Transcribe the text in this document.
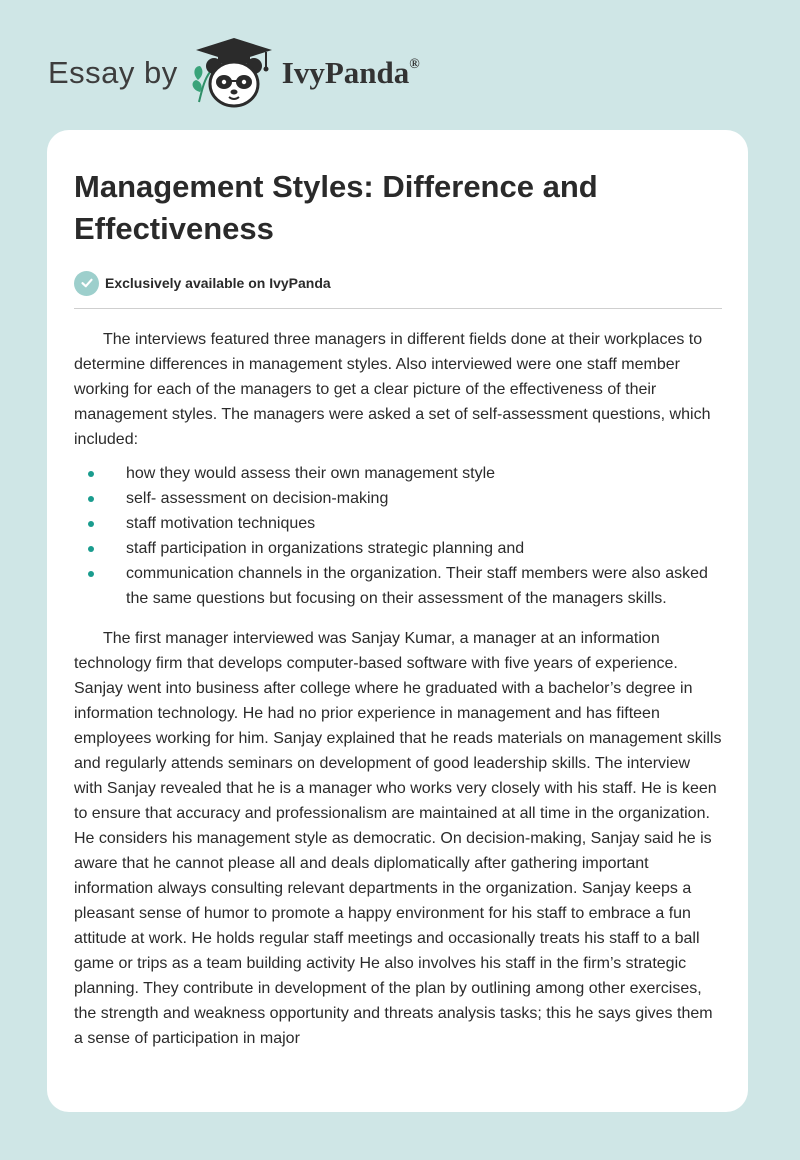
Essay by	IvyPanda®
Management Styles: Difference and Effectiveness
Exclusively available on IvyPanda

The interviews featured three managers in different fields done at their workplaces to determine differences in management styles. Also interviewed were one staff member working for each of the managers to get a clear picture of the effectiveness of their management styles. The managers were asked a set of self-assessment questions, which included:

how they would assess their own management style
self- assessment on decision-making
staff motivation techniques
staff participation in organizations strategic planning and
communication channels in the organization. Their staff members were also asked the same questions but focusing on their assessment of the managers skills.

The first manager interviewed was Sanjay Kumar, a manager at an information technology firm that develops computer-based software with five years of experience. Sanjay went into business after college where he graduated with a bachelor’s degree in information technology. He had no prior experience in management and has fifteen employees working for him. Sanjay explained that he reads materials on management skills and regularly attends seminars on development of good leadership skills. The interview with Sanjay revealed that he is a manager who works very closely with his staff. He is keen to ensure that accuracy and professionalism are maintained at all time in the organization. He considers his management style as democratic. On decision-making, Sanjay said he is aware that he cannot please all and deals diplomatically after gathering important information always consulting relevant departments in the organization. Sanjay keeps a pleasant sense of humor to promote a happy environment for his staff to embrace a fun attitude at work. He holds regular staff meetings and occasionally treats his staff to a ball game or trips as a team building activity He also involves his staff in the firm’s strategic planning. They contribute in development of the plan by outlining among other exercises, the strength and weakness opportunity and threats analysis tasks; this he says gives them a sense of participation in major
